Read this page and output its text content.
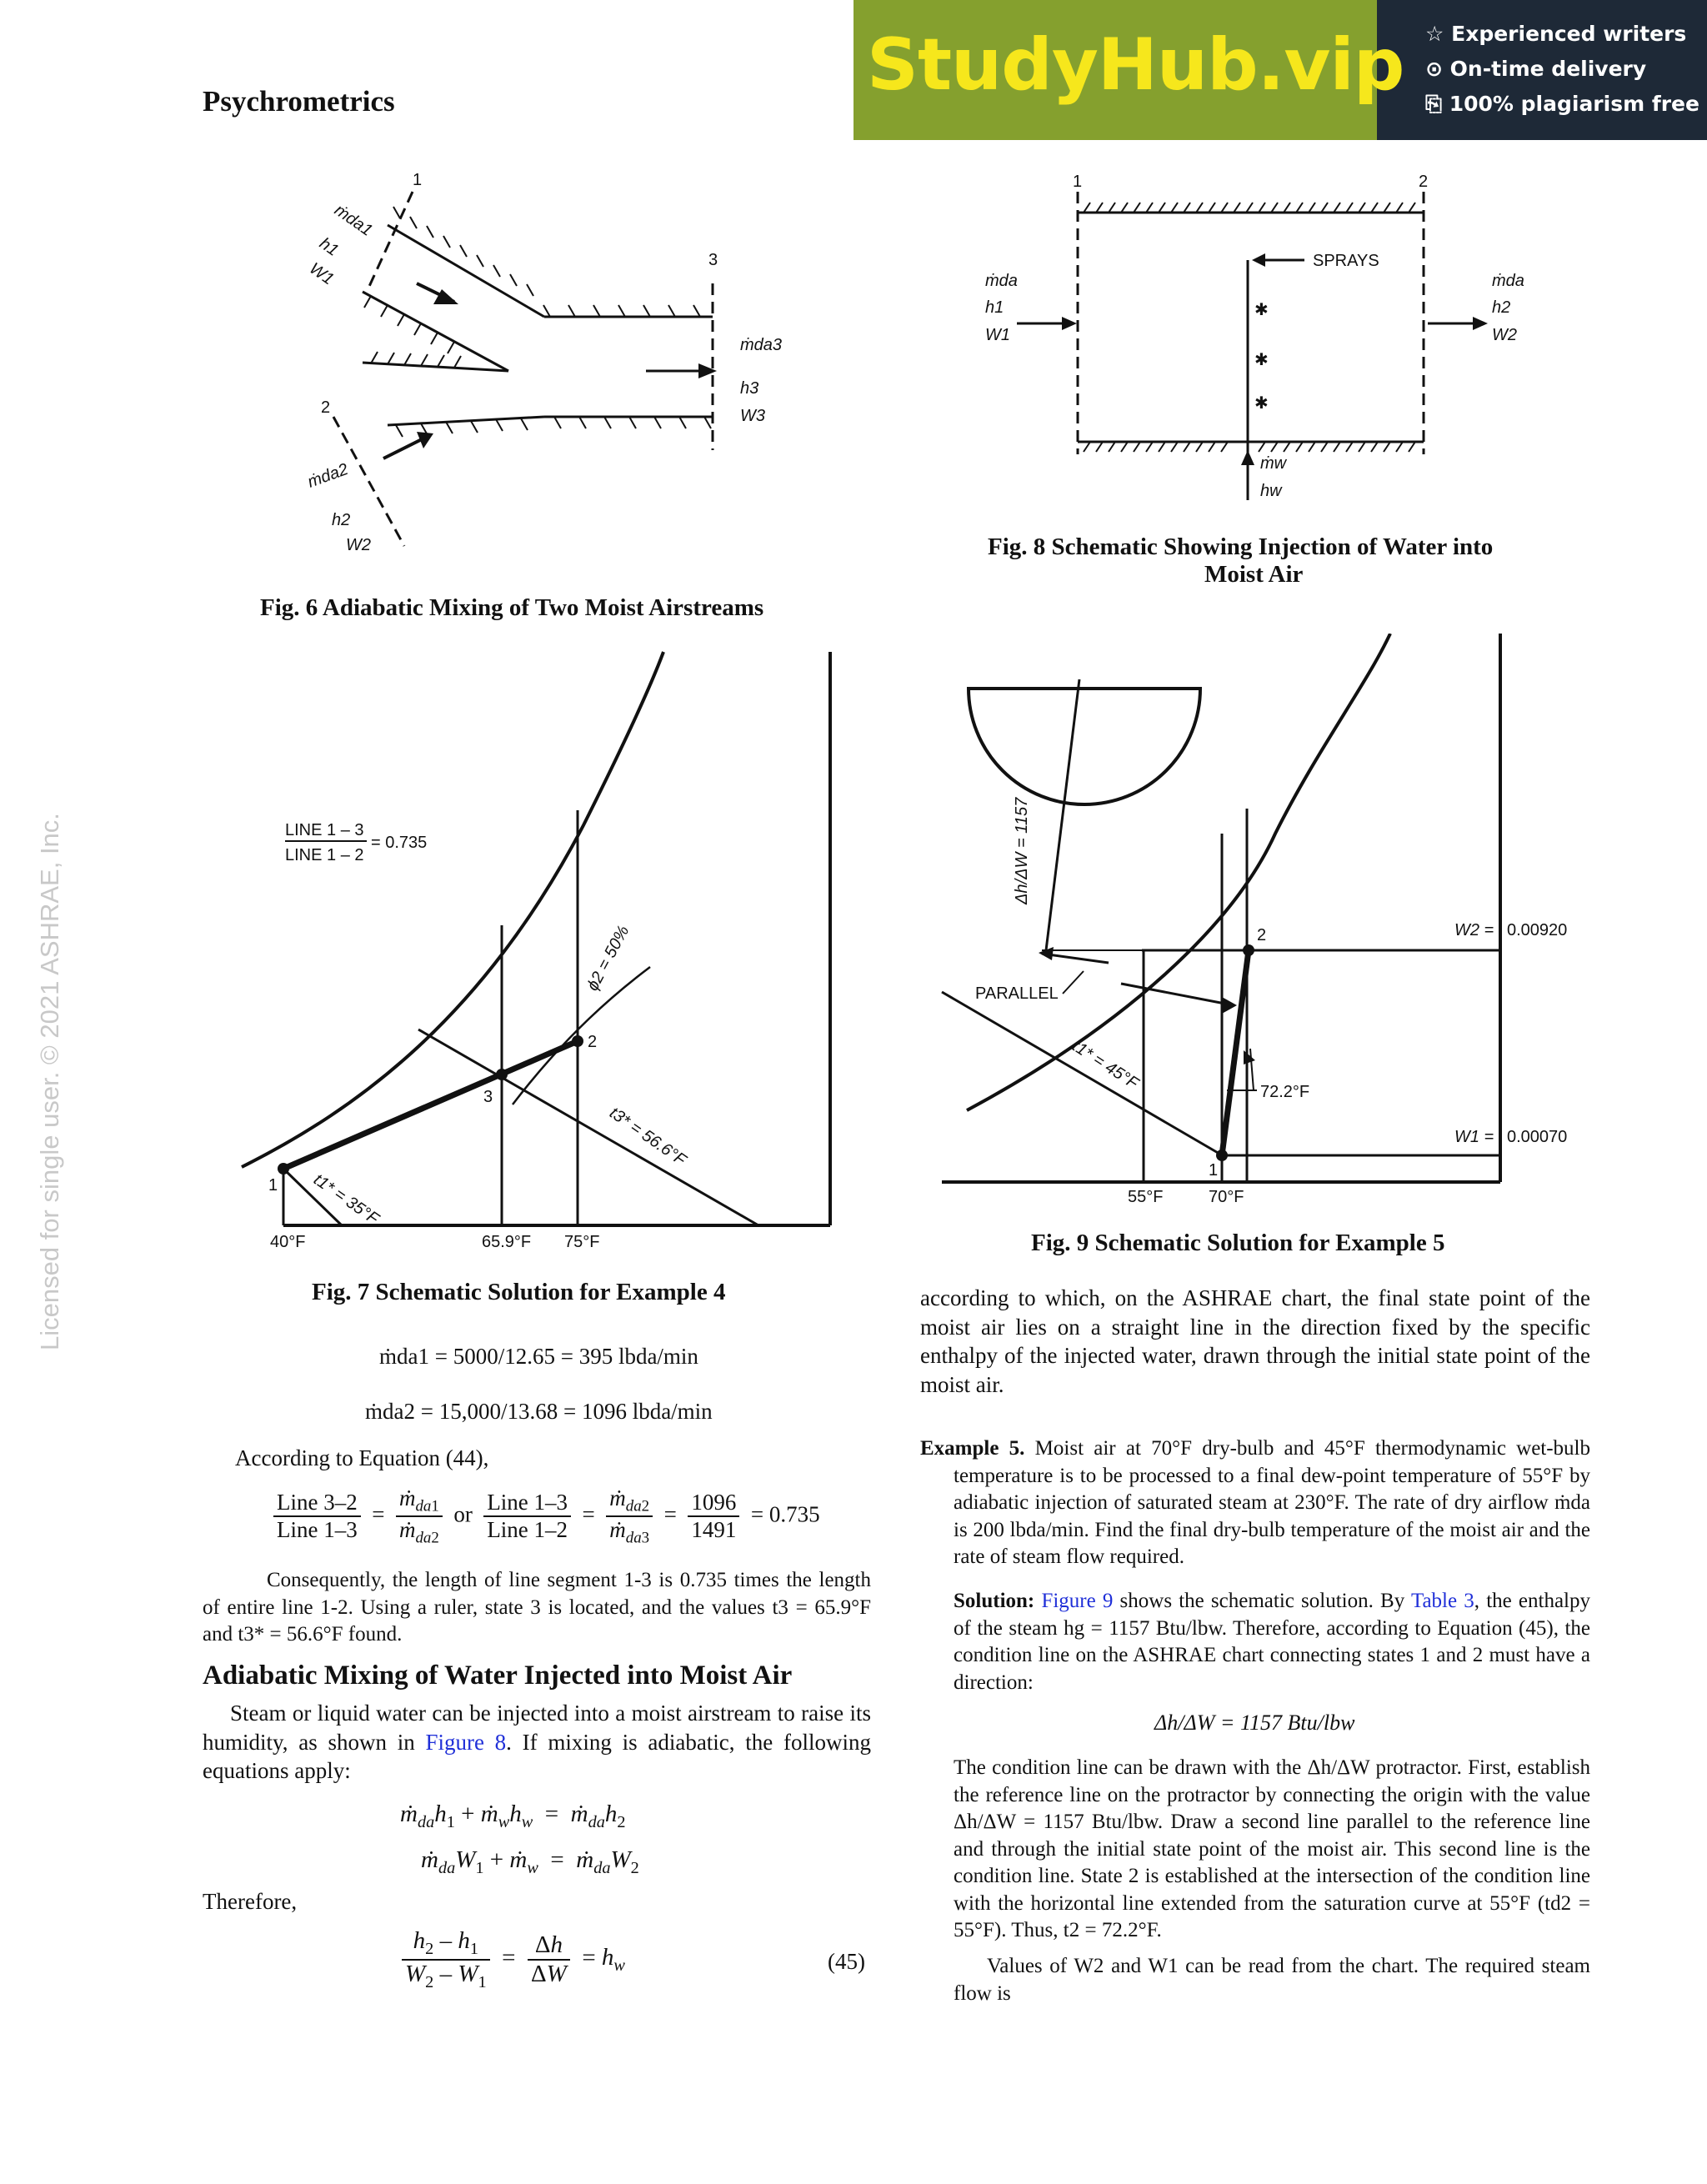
Psychrometrics	StudyHub.vip ☆ Experienced writers
⊙ On-time delivery
⎘ 100% plagiarism free
Licensed for single user. © 2021 ASHRAE, Inc.
1
ṁda1
h1
W1	3
ṁda3
h3
W3
2
ṁda2
h2
W2
Fig. 6 Adiabatic Mixing of Two Moist Airstreams
✱
✱
✱
1	2
SPRAYS
ṁda
h1
W1
ṁda
h2
W2
ṁw
hw
Fig. 8 Schematic Showing Injection of Water into
Moist Air
LINE 1 – 3
LINE 1 – 2
= 0.735
ϕ2 = 50%
t1* = 35°F
t3* = 56.6°F
1
2
3
40°F	65.9°F 75°F
Fig. 7 Schematic Solution for Example 4
Δh/ΔW = 1157
PARALLEL
t1* = 45°F	72.2°F
2
1
W2 = 0.00920
W1 = 0.00070
55°F	70°F
Fig. 9 Schematic Solution for Example 5
ṁda1 = 5000/12.65 = 395 lbda/min
ṁda2 = 15,000/13.68 = 1096 lbda/min
According to Equation (44),
$\frac{\text{Line 3–2}}{\text{Line 1–3}} = \frac{ṁ_{da1}}{ṁ_{da2}}$ or $\frac{\text{Line 1–3}}{\text{Line 1–2}} = \frac{ṁ_{da2}}{ṁ_{da3}} = \frac{1096}{1491} = 0.735$
Consequently, the length of line segment 1-3 is 0.735 times the length of entire line 1-2. Using a ruler, state 3 is located, and the values t3 = 65.9°F and t3* = 56.6°F found.
Adiabatic Mixing of Water Injected into Moist Air
Steam or liquid water can be injected into a moist airstream to raise its humidity, as shown in Figure 8. If mixing is adiabatic, the following equations apply:
$ṁ_{da}h_1$ + $ṁ_wh_w$  =  $ṁ_{da}h_2$
$ṁ_{da}W_1$ + ṁ$_w$  =  $ṁ_{da}W_2$
Therefore,
$\frac{h_2 - h_1}{W_2 - W_1} = \frac{\Delta h}{\Delta W} = h_w$	(45)
according to which, on the ASHRAE chart, the final state point of the moist air lies on a straight line in the direction fixed by the specific enthalpy of the injected water, drawn through the initial state point of the moist air.
Example 5. Moist air at 70°F dry-bulb and 45°F thermodynamic wet-bulb temperature is to be processed to a final dew-point temperature of 55°F by adiabatic injection of saturated steam at 230°F. The rate of dry airflow ṁda is 200 lbda/min. Find the final dry-bulb temperature of the moist air and the rate of steam flow required.
Solution: Figure 9 shows the schematic solution. By Table 3, the enthalpy of the steam hg = 1157 Btu/lbw. Therefore, according to Equation (45), the condition line on the ASHRAE chart connecting states 1 and 2 must have a direction:
Δh/ΔW = 1157 Btu/lbw
The condition line can be drawn with the Δh/ΔW protractor. First, establish the reference line on the protractor by connecting the origin with the value Δh/ΔW = 1157 Btu/lbw. Draw a second line parallel to the reference line and through the initial state point of the moist air. This second line is the condition line. State 2 is established at the intersection of the condition line with the horizontal line extended from the saturation curve at 55°F (td2 = 55°F). Thus, t2 = 72.2°F.
Values of W2 and W1 can be read from the chart. The required steam flow is
